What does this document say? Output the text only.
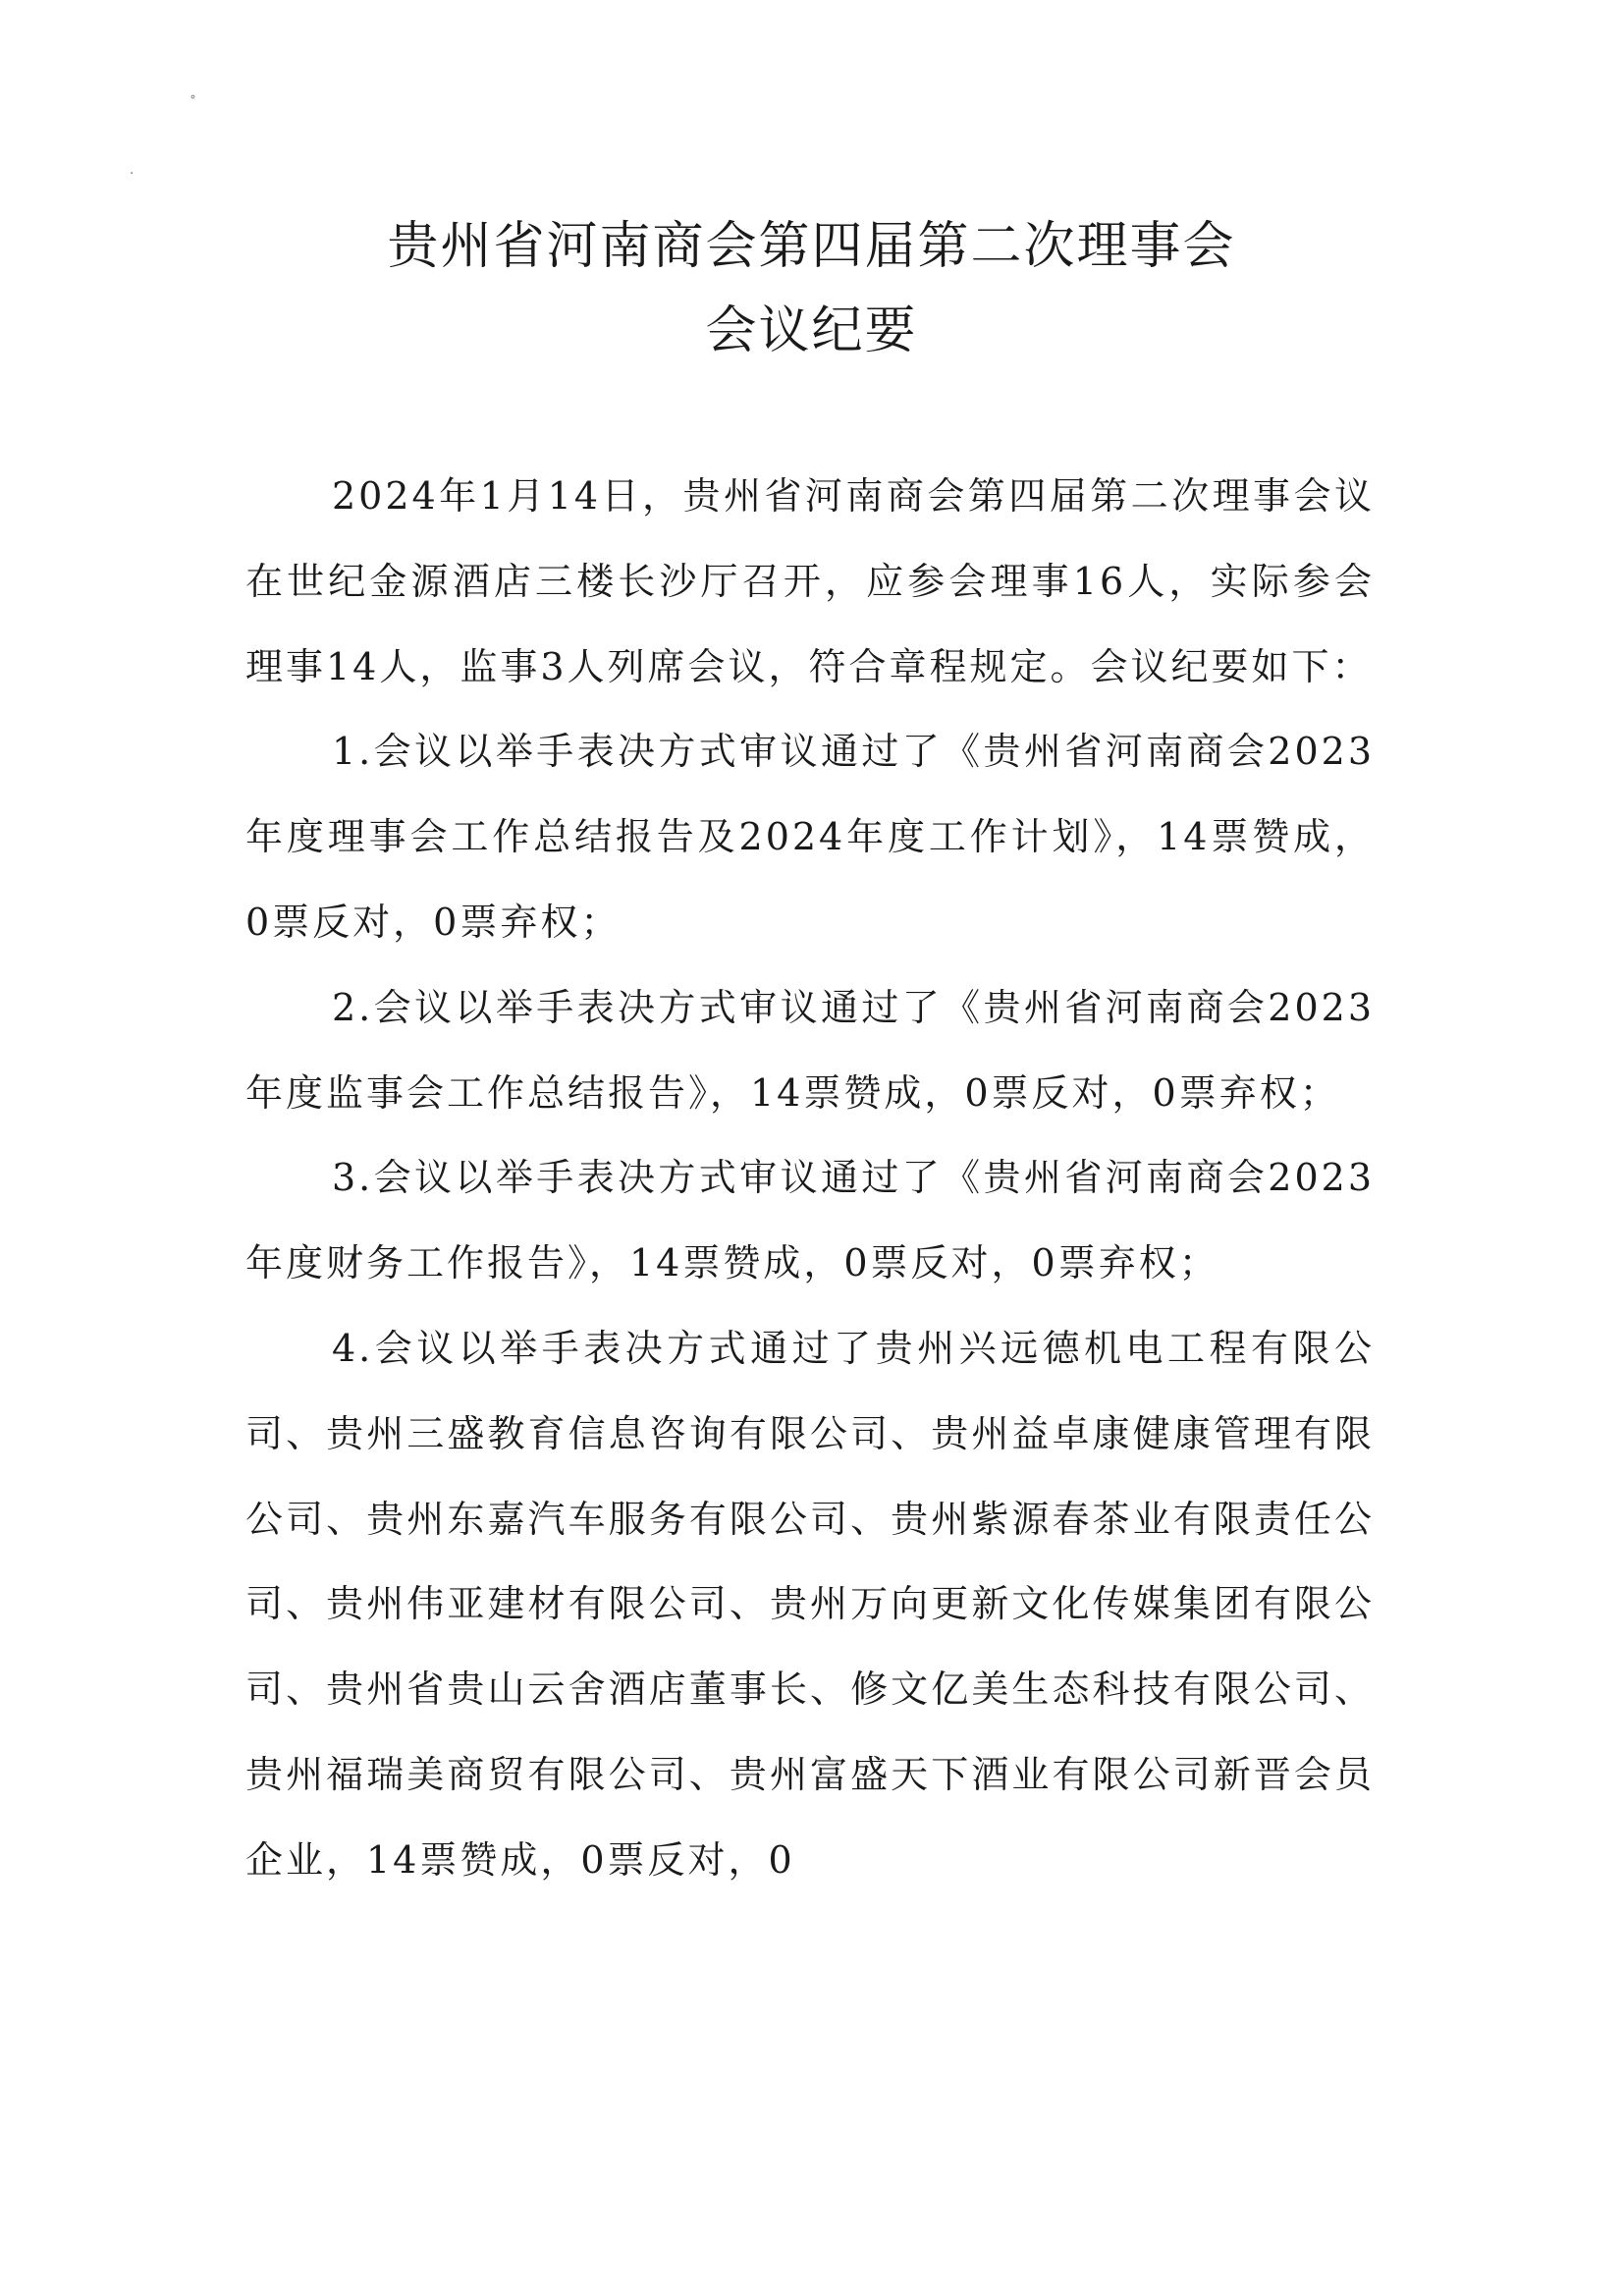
˚
·
贵州省河南商会第四届第二次理事会
会议纪要

2024年1月14日，贵州省河南商会第四届第二次理事会议在世纪金源酒店三楼长沙厅召开，应参会理事16人，实际参会理事14人，监事3人列席会议，符合章程规定。会议纪要如下：

1.会议以举手表决方式审议通过了《贵州省河南商会2023年度理事会工作总结报告及2024年度工作计划》，14票赞成，0票反对，0票弃权；

2.会议以举手表决方式审议通过了《贵州省河南商会2023年度监事会工作总结报告》，14票赞成，0票反对，0票弃权；

3.会议以举手表决方式审议通过了《贵州省河南商会2023年度财务工作报告》，14票赞成，0票反对，0票弃权；

4.会议以举手表决方式通过了贵州兴远德机电工程有限公司、贵州三盛教育信息咨询有限公司、贵州益卓康健康管理有限公司、贵州东嘉汽车服务有限公司、贵州紫源春茶业有限责任公司、贵州伟亚建材有限公司、贵州万向更新文化传媒集团有限公司、贵州省贵山云舍酒店董事长、修文亿美生态科技有限公司、贵州福瑞美商贸有限公司、贵州富盛天下酒业有限公司新晋会员企业，14票赞成，0票反对，0
